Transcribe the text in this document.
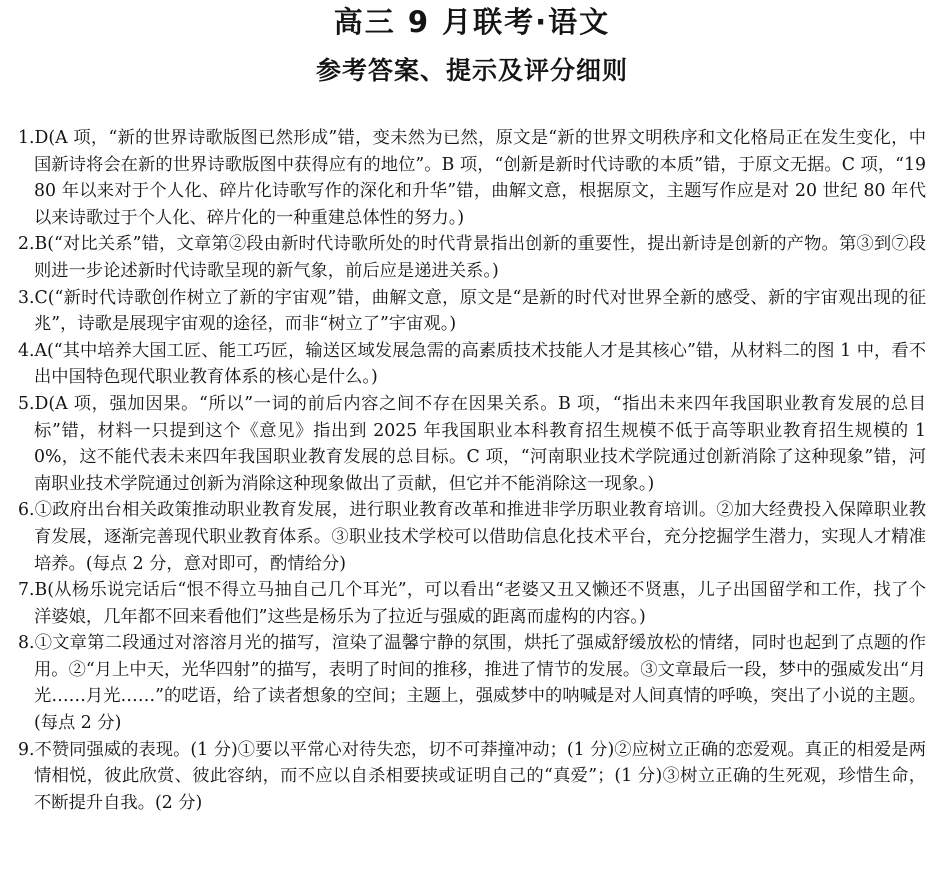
高三 9 月联考·语文
参考答案、提示及评分细则
1.D(A 项，“新的世界诗歌版图已然形成”错，变未然为已然，原文是“新的世界文明秩序和文化格局正在发生变化，中国新诗将会在新的世界诗歌版图中获得应有的地位”。B 项，“创新是新时代诗歌的本质”错，于原文无据。C 项，“1980 年以来对于个人化、碎片化诗歌写作的深化和升华”错，曲解文意，根据原文，主题写作应是对 20 世纪 80 年代以来诗歌过于个人化、碎片化的一种重建总体性的努力。)
2.B(“对比关系”错，文章第②段由新时代诗歌所处的时代背景指出创新的重要性，提出新诗是创新的产物。第③到⑦段则进一步论述新时代诗歌呈现的新气象，前后应是递进关系。)
3.C(“新时代诗歌创作树立了新的宇宙观”错，曲解文意，原文是“是新的时代对世界全新的感受、新的宇宙观出现的征兆”，诗歌是展现宇宙观的途径，而非“树立了”宇宙观。)
4.A(“其中培养大国工匠、能工巧匠，输送区域发展急需的高素质技术技能人才是其核心”错，从材料二的图 1 中，看不出中国特色现代职业教育体系的核心是什么。)
5.D(A 项，强加因果。“所以”一词的前后内容之间不存在因果关系。B 项，“指出未来四年我国职业教育发展的总目标”错，材料一只提到这个《意见》指出到 2025 年我国职业本科教育招生规模不低于高等职业教育招生规模的 10%，这不能代表未来四年我国职业教育发展的总目标。C 项，“河南职业技术学院通过创新消除了这种现象”错，河南职业技术学院通过创新为消除这种现象做出了贡献，但它并不能消除这一现象。)
6.①政府出台相关政策推动职业教育发展，进行职业教育改革和推进非学历职业教育培训。②加大经费投入保障职业教育发展，逐渐完善现代职业教育体系。③职业技术学校可以借助信息化技术平台，充分挖掘学生潜力，实现人才精准培养。(每点 2 分，意对即可，酌情给分)
7.B(从杨乐说完话后“恨不得立马抽自己几个耳光”，可以看出“老婆又丑又懒还不贤惠，儿子出国留学和工作，找了个洋婆娘，几年都不回来看他们”这些是杨乐为了拉近与强威的距离而虚构的内容。)
8.①文章第二段通过对溶溶月光的描写，渲染了温馨宁静的氛围，烘托了强威舒缓放松的情绪，同时也起到了点题的作用。②“月上中天，光华四射”的描写，表明了时间的推移，推进了情节的发展。③文章最后一段，梦中的强威发出“月光……月光……”的呓语，给了读者想象的空间；主题上，强威梦中的呐喊是对人间真情的呼唤，突出了小说的主题。(每点 2 分)
9.不赞同强威的表现。(1 分)①要以平常心对待失恋，切不可莽撞冲动；(1 分)②应树立正确的恋爱观。真正的相爱是两情相悦，彼此欣赏、彼此容纳，而不应以自杀相要挟或证明自己的“真爱”；(1 分)③树立正确的生死观，珍惜生命，不断提升自我。(2 分)
